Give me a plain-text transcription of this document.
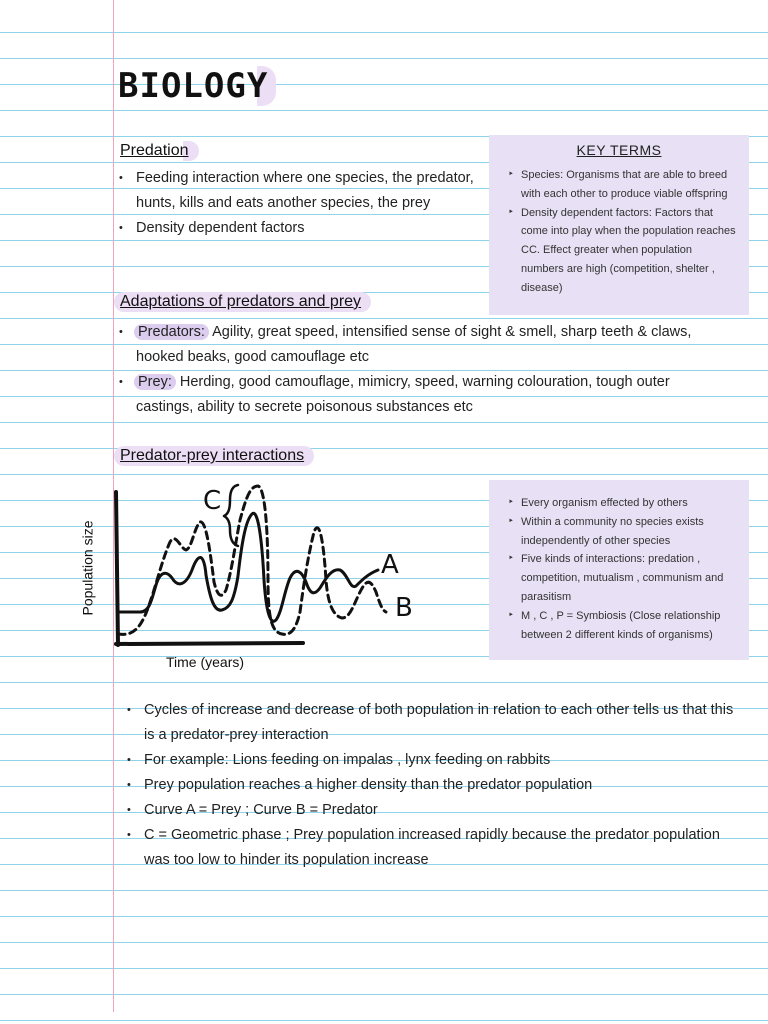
BIOLOGY
Predation
• Feeding interaction where one species, the predator, hunts, kills and eats another species, the prey
• Density dependent factors
KEY TERMS
‣ Species: Organisms that are able to breed with each other to produce viable offspring
‣ Density dependent factors: Factors that come into play when the population reaches CC. Effect greater when population numbers are high (competition, shelter , disease)
Adaptations of predators and prey
• Predators: Agility, great speed, intensified sense of sight & smell, sharp teeth & claws, hooked beaks, good camouflage etc
• Prey: Herding, good camouflage, mimicry, speed, warning colouration, tough outer castings, ability to secrete poisonous substances etc
Predator-prey interactions
C
A
B
Population size
Time (years)
‣ Every organism effected by others
‣ Within a community no species exists independently of other species
‣ Five kinds of interactions: predation , competition, mutualism , communism and parasitism
‣ M , C , P = Symbiosis (Close relationship between 2 different kinds of organisms)
• Cycles of increase and decrease of both population in relation to each other tells us that this is a predator-prey interaction
• For example: Lions feeding on impalas , lynx feeding on rabbits
• Prey population reaches a higher density than the predator population
• Curve A = Prey ; Curve B = Predator
• C = Geometric phase ; Prey population increased rapidly because the predator population was too low to hinder its population increase
